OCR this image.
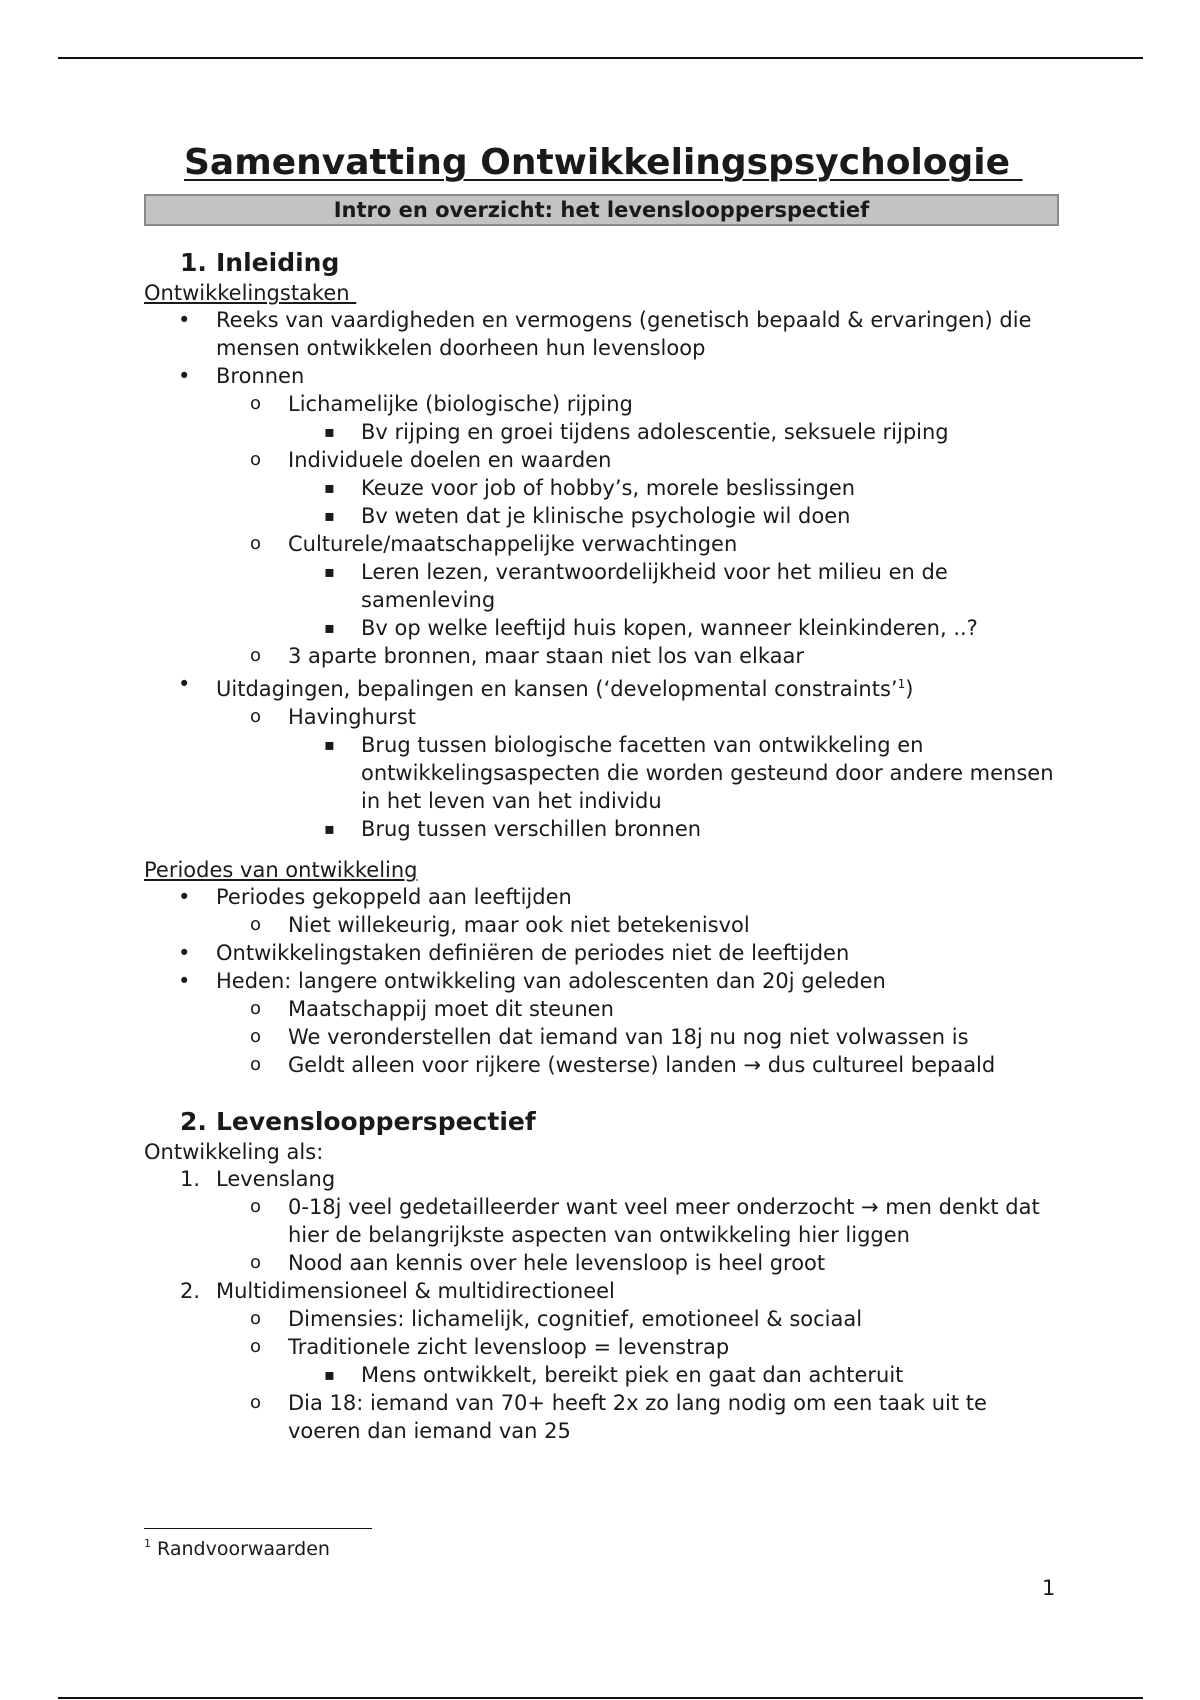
Samenvatting Ontwikkelingspsychologie
Intro en overzicht: het levensloopperspectief
1. Inleiding
Ontwikkelingstaken
• Reeks van vaardigheden en vermogens (genetisch bepaald & ervaringen) die mensen ontwikkelen doorheen hun levensloop
• Bronnen
o Lichamelijke (biologische) rijping
▪ Bv rijping en groei tijdens adolescentie, seksuele rijping
o Individuele doelen en waarden
▪ Keuze voor job of hobby’s, morele beslissingen
▪ Bv weten dat je klinische psychologie wil doen
o Culturele/maatschappelijke verwachtingen
▪ Leren lezen, verantwoordelijkheid voor het milieu en de samenleving
▪ Bv op welke leeftijd huis kopen, wanneer kleinkinderen, ..?
o 3 aparte bronnen, maar staan niet los van elkaar
• Uitdagingen, bepalingen en kansen (‘developmental constraints’$^1$)
o Havinghurst
▪ Brug tussen biologische facetten van ontwikkeling en ontwikkelingsaspecten die worden gesteund door andere mensen in het leven van het individu
▪ Brug tussen verschillen bronnen
Periodes van ontwikkeling
• Periodes gekoppeld aan leeftijden
o Niet willekeurig, maar ook niet betekenisvol
• Ontwikkelingstaken definiëren de periodes niet de leeftijden
• Heden: langere ontwikkeling van adolescenten dan 20j geleden
o Maatschappij moet dit steunen
o We veronderstellen dat iemand van 18j nu nog niet volwassen is
o Geldt alleen voor rijkere (westerse) landen → dus cultureel bepaald
2. Levensloopperspectief
Ontwikkeling als:
1. Levenslang
o 0-18j veel gedetailleerder want veel meer onderzocht → men denkt dat hier de belangrijkste aspecten van ontwikkeling hier liggen
o Nood aan kennis over hele levensloop is heel groot
2. Multidimensioneel & multidirectioneel
o Dimensies: lichamelijk, cognitief, emotioneel & sociaal
o Traditionele zicht levensloop = levenstrap
▪ Mens ontwikkelt, bereikt piek en gaat dan achteruit
o Dia 18: iemand van 70+ heeft 2x zo lang nodig om een taak uit te voeren dan iemand van 25
$^1$ Randvoorwaarden
1
